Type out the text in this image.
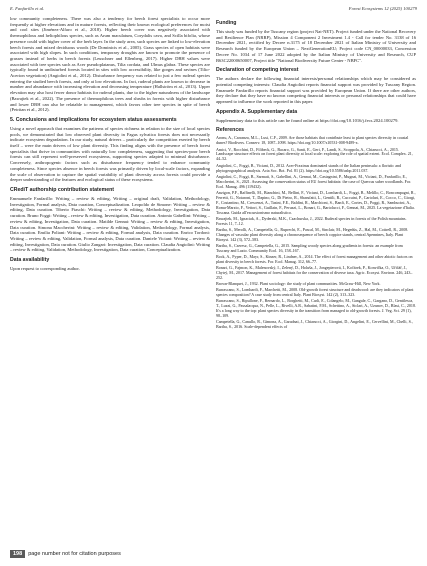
E. Fanfarillo et al.	Forest Ecosystems 12 (2025) 100279

low community completeness. There was also a tendency for beech forest specialists to occur more frequently at higher elevations and in mature forests, reflecting their known ecological preferences for moist and cool sites (Jiménez-Alfaro et al., 2018). Higher beech cover was negatively associated with thermophilous and heliophilous species, such as Arum maculatum, Corydalis cava, and Scilla bifolia, whose presence could with higher cover of the herb layer. In the study area, such species are linked to low-elevation beech forests and mixed deciduous woods (De Dominicis et al., 2005). Grass species of open habitats were associated with high slopes. In such conditions, temporary droughts are known to promote the presence of grasses instead of herbs in beech forests (Leuschner and Ellenberg, 2017). Higher DBH values were associated with tree species such as Acer pseudoplatanus, Tilia cordata, and Ulmus glabra. These species are typically found in undisturbed forests located in sites with low accessibility, like gorges and ravines (Tilio-Acerion vegetation) (Angiolini et al., 2012). Disturbance frequency was related to just a few ruderal species entering the studied beech forests, and only at low elevations. In fact, ruderal plants are known to decrease in number and abundance with increasing elevation and decreasing temperature (Hallström et al., 2013). Upper elevation may also host fewer donor habitats for ruderal plants, due to the higher naturalness of the landscape (Bawajtek et al., 2022). The presence of thermophilous trees and shrubs in forests with higher disturbance and lower DBH can also be relatable to management, which favors other tree species in spite of beech (Petritan et al., 2012).

5. Conclusions and implications for ecosystem status assessments

Using a novel approach that examines the patterns of species richness in relation to the size of local species pools, we demonstrated that low observed plant diversity in Fagus sylvatica forests does not necessarily indicate ecosystem degradation. In our study, natural drivers – particularly the competition exerted by beech itself – were the main drivers of low plant diversity. This finding aligns with the presence of beech forest specialists that thrive in communities with naturally low completeness, suggesting that species-poor beech forests can still represent well-preserved ecosystems, supporting species adapted to minimal disturbance. Conversely, anthropogenic factors such as disturbance frequency tended to enhance community completeness. Since species absence in beech forests was primarily driven by local-scale factors, expanding the scale of observation to capture the spatial variability of plant diversity across forests could provide a deeper understanding of the features and ecological status of these ecosystems.

CRediT authorship contribution statement

Emmanuele Fanfarillo: Writing – review & editing, Writing – original draft, Validation, Methodology, Investigation, Formal analysis, Data curation, Conceptualization. Leopoldo de Simone: Writing – review & editing, Data curation. Tiberio Fiaschi: Writing – review & editing, Methodology, Investigation, Data curation. Bruno Foggi: Writing – review & editing, Investigation, Data curation. Antonio Gabellini: Writing – review & editing, Investigation, Data curation. Matilde Gennai: Writing – review & editing, Investigation, Data curation. Simona Maccherini: Writing – review & editing, Validation, Methodology, Formal analysis, Data curation. Emilia Poliani: Writing – review & editing, Formal analysis, Data curation. Enrico Tordoni: Writing – review & editing, Validation, Formal analysis, Data curation. Daniele Viciani: Writing – review & editing, Investigation, Data curation. Giulio Zangari: Investigation, Data curation. Claudia Angiolini: Writing – review & editing, Validation, Methodology, Investigation, Data curation, Conceptualization.

Data availability

Upon request to corresponding author.

Funding

This study was funded by the Tuscany region (project Nat-NET). Project funded under the National Recovery and Resilience Plan (NRRP), Mission 4 Component 2 Investment 1.4 - Call for tender No. 3138 of 16 December 2021, rectified by Decree n.3175 of 18 December 2021 of Italian Ministry of University and Research funded by the European Union – NextGenerationEU; Project code CN_00000033, Concession Decree No. 1034 of 17 June 2022 adopted by the Italian Ministry of University and Research, CUP B63C22000650007, Project title "National Biodiversity Future Center - NBFC".

Declaration of competing interest

The authors declare the following financial interests/personal relationships which may be considered as potential competing interests: Claudia Angiolini reports financial support was provided by Tuscany Region. Emanuele Fanfarillo reports financial support was provided by European Union. If there are other authors, they declare that they have no known competing financial interests or personal relationships that could have appeared to influence the work reported in this paper.

Appendix A. Supplementary data

Supplementary data to this article can be found online at https://doi.org/10.1016/j.fecs.2024.100279.

References

Aronu, A., Carranza, M.L., Lusi, C.F., 2009. Are those habitats that contribute least to plant species diversity in coastal dunes? Biodivers. Conserv. 18, 1087–1098. https://doi.org/10.1007/s10531-008-9489-x.

Amici, V., Rocchini, D., Filibeck, G., Bacaro, G., Santi, E., Geri, F., Landi, S., Scoppola, A., Chiarucci, A., 2015. Landscape structure effects on forest plant diversity at local scale: exploring the role of spatial extent. Ecol. Complex. 21, 44–52.

Angiolini, C., Foggi, B., Viciani, D., 2012. Acer-Fraxinus dominated stands of the Italian peninsula: a floristic and phytogeographical analysis. Acta Soc. Bot. Pol. 81 (2). https://doi.org/10.5586/asbp.2011.037.

Angiolini, C., Foggi, B., Sarmati, S., Gabellini, A., Gennai, M., Castagnini, P., Mugnai, M., Viciani, D., Fanfarillo, E., Maccherini, S., 2021. Assessing the conservation status of EU forest habitats: the case of Quercus suber woodlands. For. Ecol. Manag. 496 (119432).

Anzigon, P.F., Raffinelli, M., Bianchini, M., Bellini, F., Viciani, D., Lombardi, L., Foggi, B., Melillo, C., Boncompagni, R., Ferretti, G., Notaroni, T., Dapino, G., Di Pietro, R., Sbarufatti, L., Gentili, R., Cuccuini, P., Cartolari, E., Cocco, C., Giorgi, F., Costantino, M., Crescenzi, A., Tasini, F.E., Baldini, R., Marchioni, S., Banfi, E., Cortes, D., Poggi, R., Sambucini, A., Roma-Marzio, F., Vettori, S., Guillain, F., Peruzzi, L., Bonari, G., Bartolucci, F., Gennai, M., 2025. La vegetazione d'Italia. Toscana. Guida all'escursionismo naturalistico.

Bawajtek, M., Ignaciak, A., Dyderski, M.K., Czachurska, J., 2022. Ruderal species in forests of the Polish mountains. Forests 11, 7–12.

Bartha, S., Merolli, A., Campetella, G., Ruprecht, E., Pascal, M., Sinclair, M., Hegedüs, Z., Hal, M., Cottrell, R., 2008. Changes of vascular plant diversity along a chronosequence of beech coppice stands, central Apennines, Italy. Plant Biosyst. 142 (3), 572–583.

Bartha, S., Cseresz, G., Campetella, G., 2015. Sampling woody species along gradients in forests: an example from Tuscany and Lazio. Community Ecol. 16, 158–167.

Bock, A., Pyper, D., Mayr, S., Kinzer, R., Lindner, A., 2014. The effect of forest management and other abiotic factors on plant diversity in beech forests. For. Ecol. Manag. 312, 66–77.

Bonari, G., Fajmon, K., Malenovský, I., Zelený, D., Holuša, J., Jongepierová, I., Kočárek, P., Konvička, O., Uřičář, J., Chytrý, M., 2017. Management of forest habitats for the conservation of diverse taxa. Agric. Ecosyst. Environ. 246, 243–252.

Brown-Blanquet, J., 1932. Plant sociology: the study of plant communities. McGraw-Hill, New York.

Burrascano, S., Lombardi, F., Marchetti, M., 2008. Old-growth forest structure and deadwood: are they indicators of plant species composition? A case study from central Italy. Plant Biosyst. 142 (2), 313–323.

Burrascano, S., Ripullone, F., Bernardo, L., Borghetti, M., Carli, E., Colangelo, M., Gangale, C., Gargano, D., Gentilesca, T., Luzzi, G., Passalacqua, N., Pelle, L., Rivelli, A.R., Sabatini, F.M., Schettino, A., Siclari, A., Uzunov, D., Blasi, C., 2018. It's a long way to the top: plant species diversity in the transition from managed to old-growth forests. J. Veg. Sci. 29 (1), 98–109.

Campetella, G., Canullo, R., Gimona, A., Garadnai, J., Chiarucci, A., Giorgini, D., Angelini, E., Cervellini, M., Chelli, S., Bartha, S., 2016. Scale-dependent effects of

198	page number not for citation purposes
